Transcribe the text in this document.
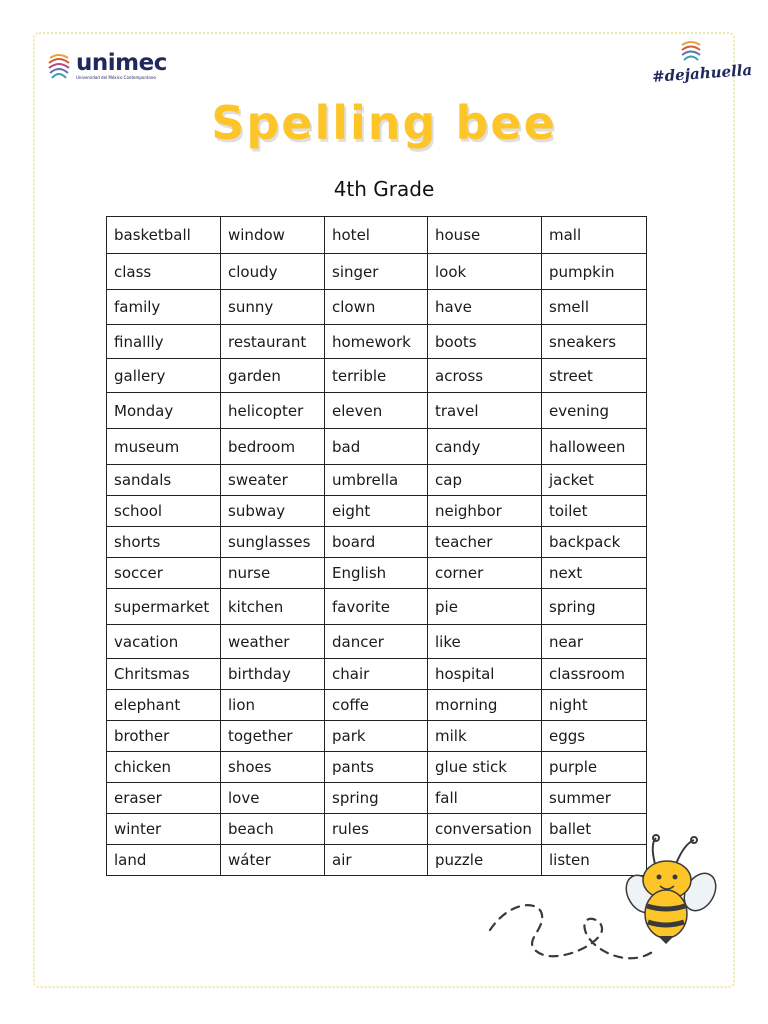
unimec
Universidad del México Contemporáneo	#dejahuella
Spelling bee
4th Grade
basketball	window	hotel	house	mall
class	cloudy	singer	look	pumpkin
family	sunny	clown	have	smell
finallly	restaurant	homework	boots	sneakers
gallery	garden	terrible	across	street
Monday	helicopter	eleven	travel	evening
museum	bedroom	bad	candy	halloween
sandals	sweater	umbrella	cap	jacket
school	subway	eight	neighbor	toilet
shorts	sunglasses	board	teacher	backpack
soccer	nurse	English	corner	next
supermarket	kitchen	favorite	pie	spring
vacation	weather	dancer	like	near
Chritsmas	birthday	chair	hospital	classroom
elephant	lion	coffe	morning	night
brother	together	park	milk	eggs
chicken	shoes	pants	glue stick	purple
eraser	love	spring	fall	summer
winter	beach	rules	conversation	ballet
land	wáter	air	puzzle	listen
